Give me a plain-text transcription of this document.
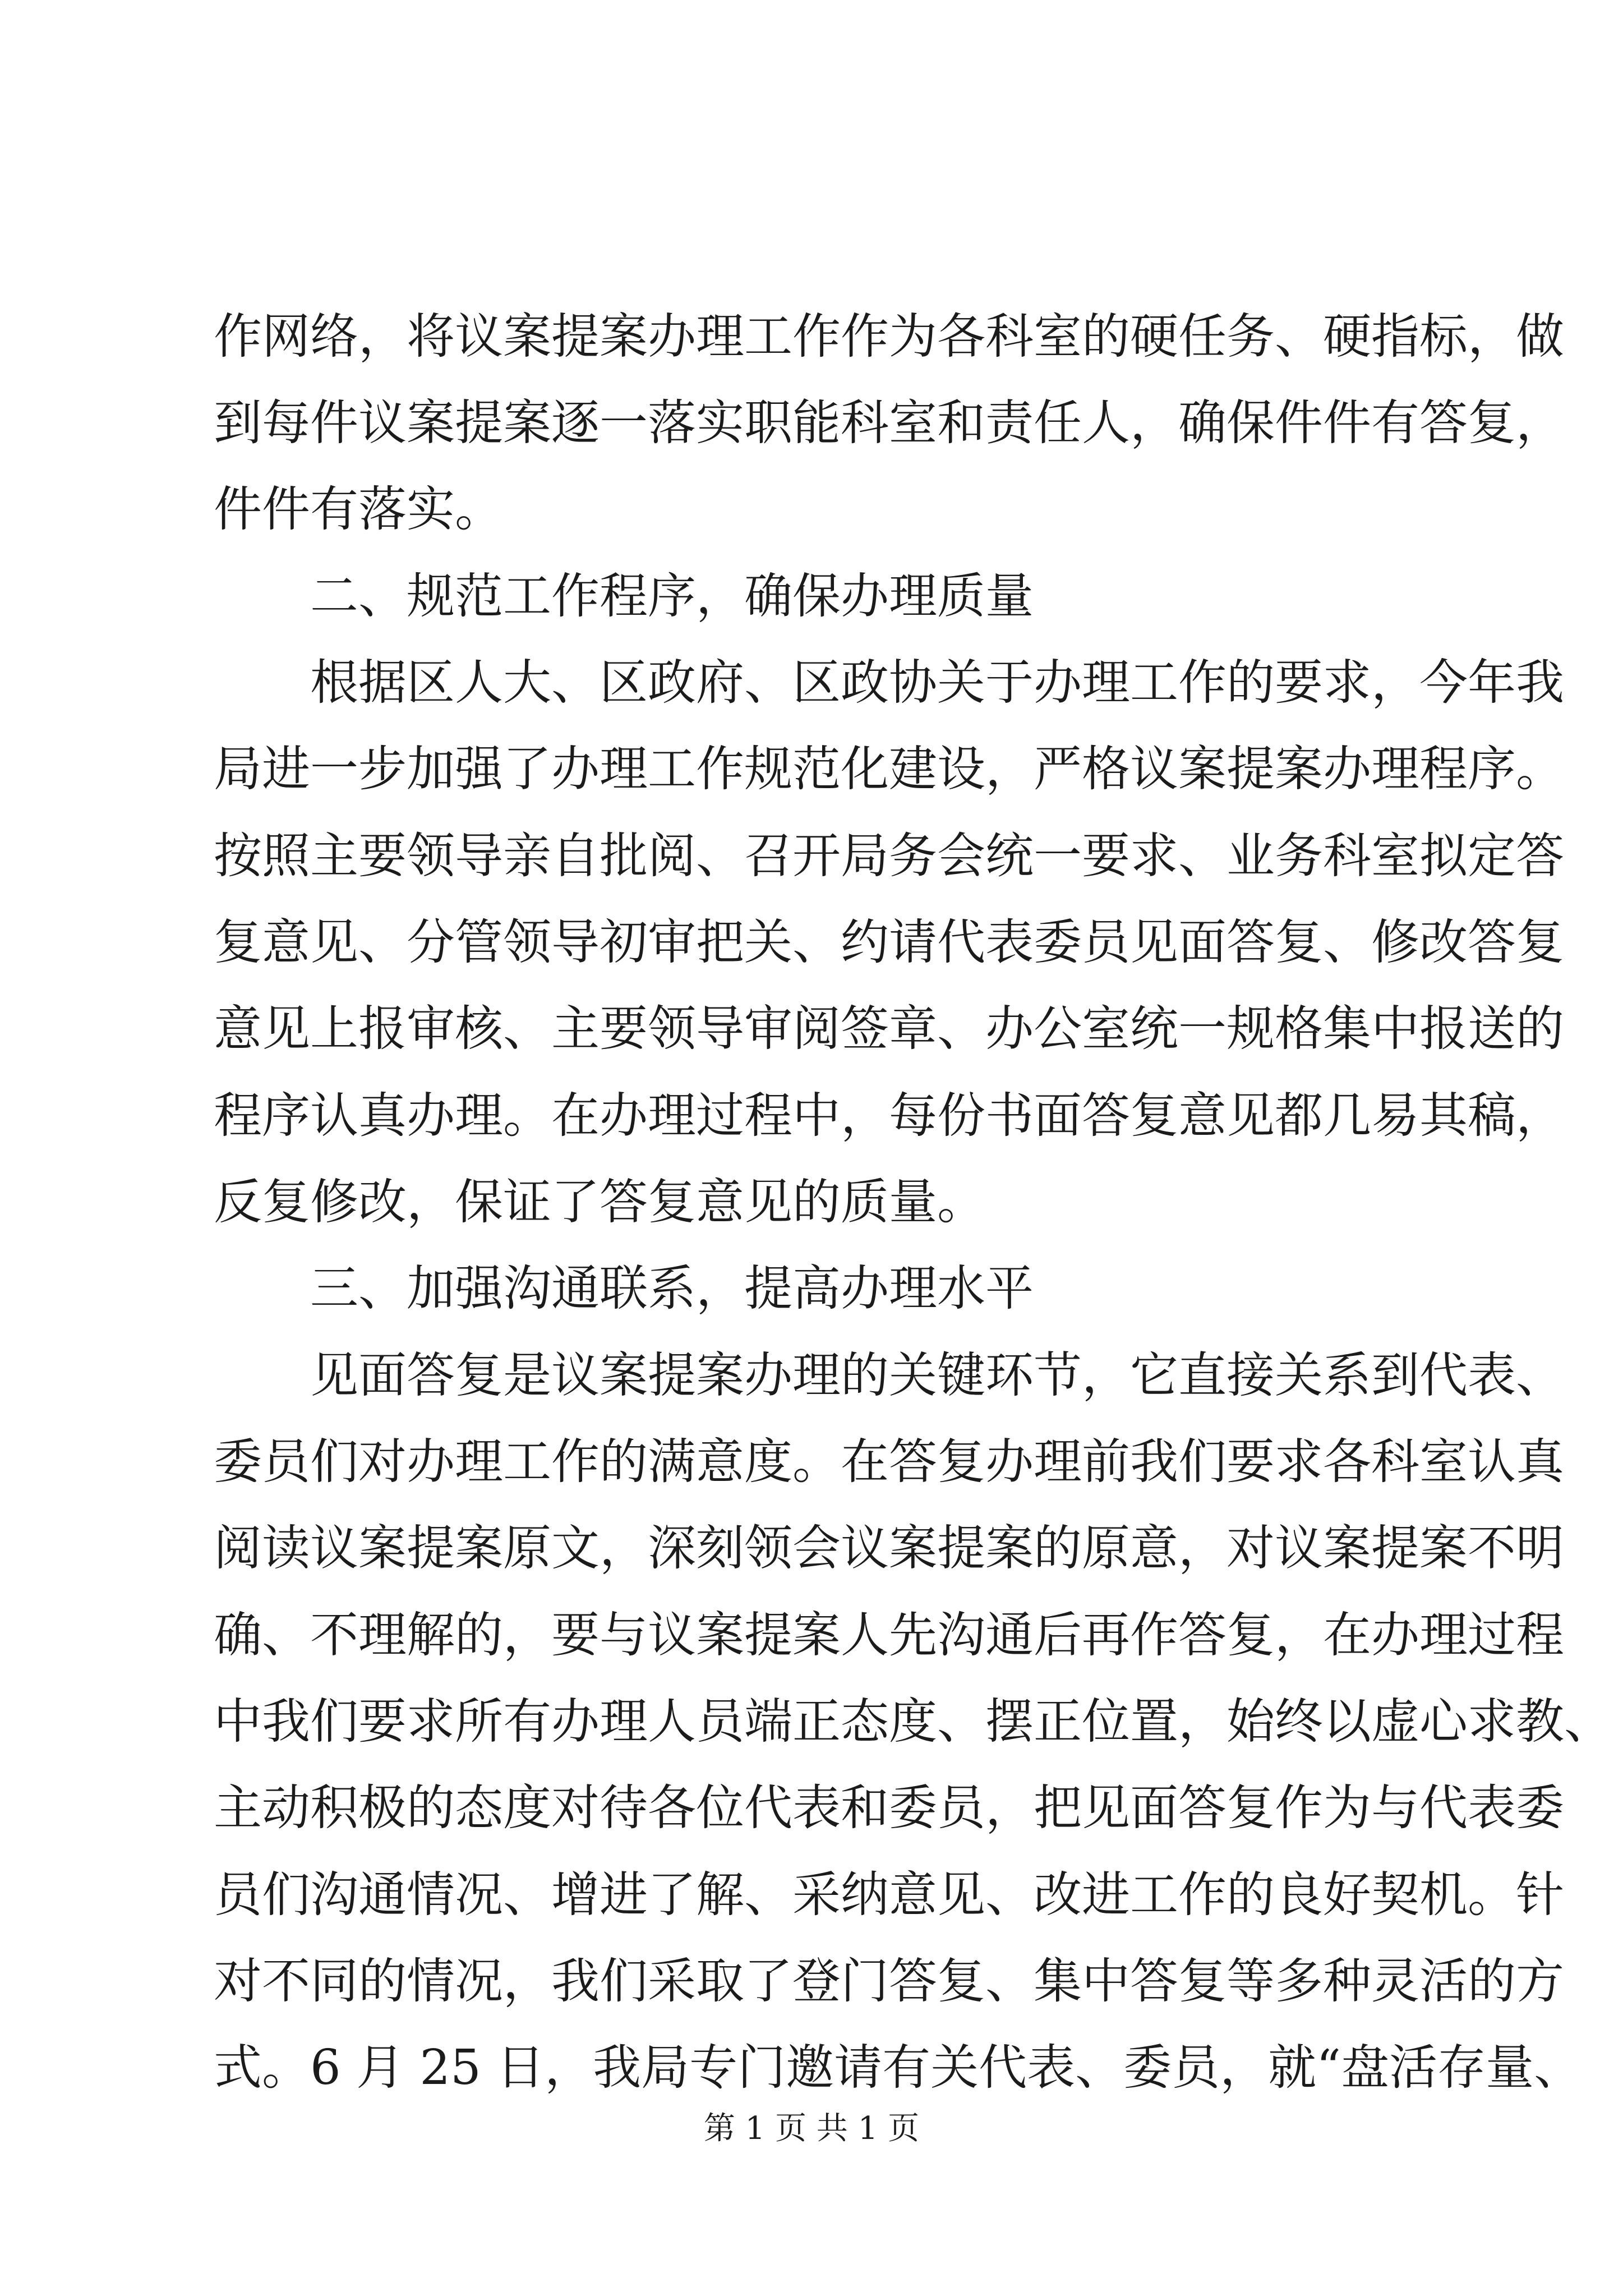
作网络，将议案提案办理工作作为各科室的硬任务、硬指标，做
到每件议案提案逐一落实职能科室和责任人，确保件件有答复，
件件有落实。
二、规范工作程序，确保办理质量
根据区人大、区政府、区政协关于办理工作的要求，今年我
局进一步加强了办理工作规范化建设，严格议案提案办理程序。
按照主要领导亲自批阅、召开局务会统一要求、业务科室拟定答
复意见、分管领导初审把关、约请代表委员见面答复、修改答复
意见上报审核、主要领导审阅签章、办公室统一规格集中报送的
程序认真办理。在办理过程中，每份书面答复意见都几易其稿，
反复修改，保证了答复意见的质量。
三、加强沟通联系，提高办理水平
见面答复是议案提案办理的关键环节，它直接关系到代表、
委员们对办理工作的满意度。在答复办理前我们要求各科室认真
阅读议案提案原文，深刻领会议案提案的原意，对议案提案不明
确、不理解的，要与议案提案人先沟通后再作答复，在办理过程
中我们要求所有办理人员端正态度、摆正位置，始终以虚心求教、
主动积极的态度对待各位代表和委员，把见面答复作为与代表委
员们沟通情况、增进了解、采纳意见、改进工作的良好契机。针
对不同的情况，我们采取了登门答复、集中答复等多种灵活的方
式。6 月 25 日，我局专门邀请有关代表、委员，就“盘活存量、
第 1 页 共 1 页
